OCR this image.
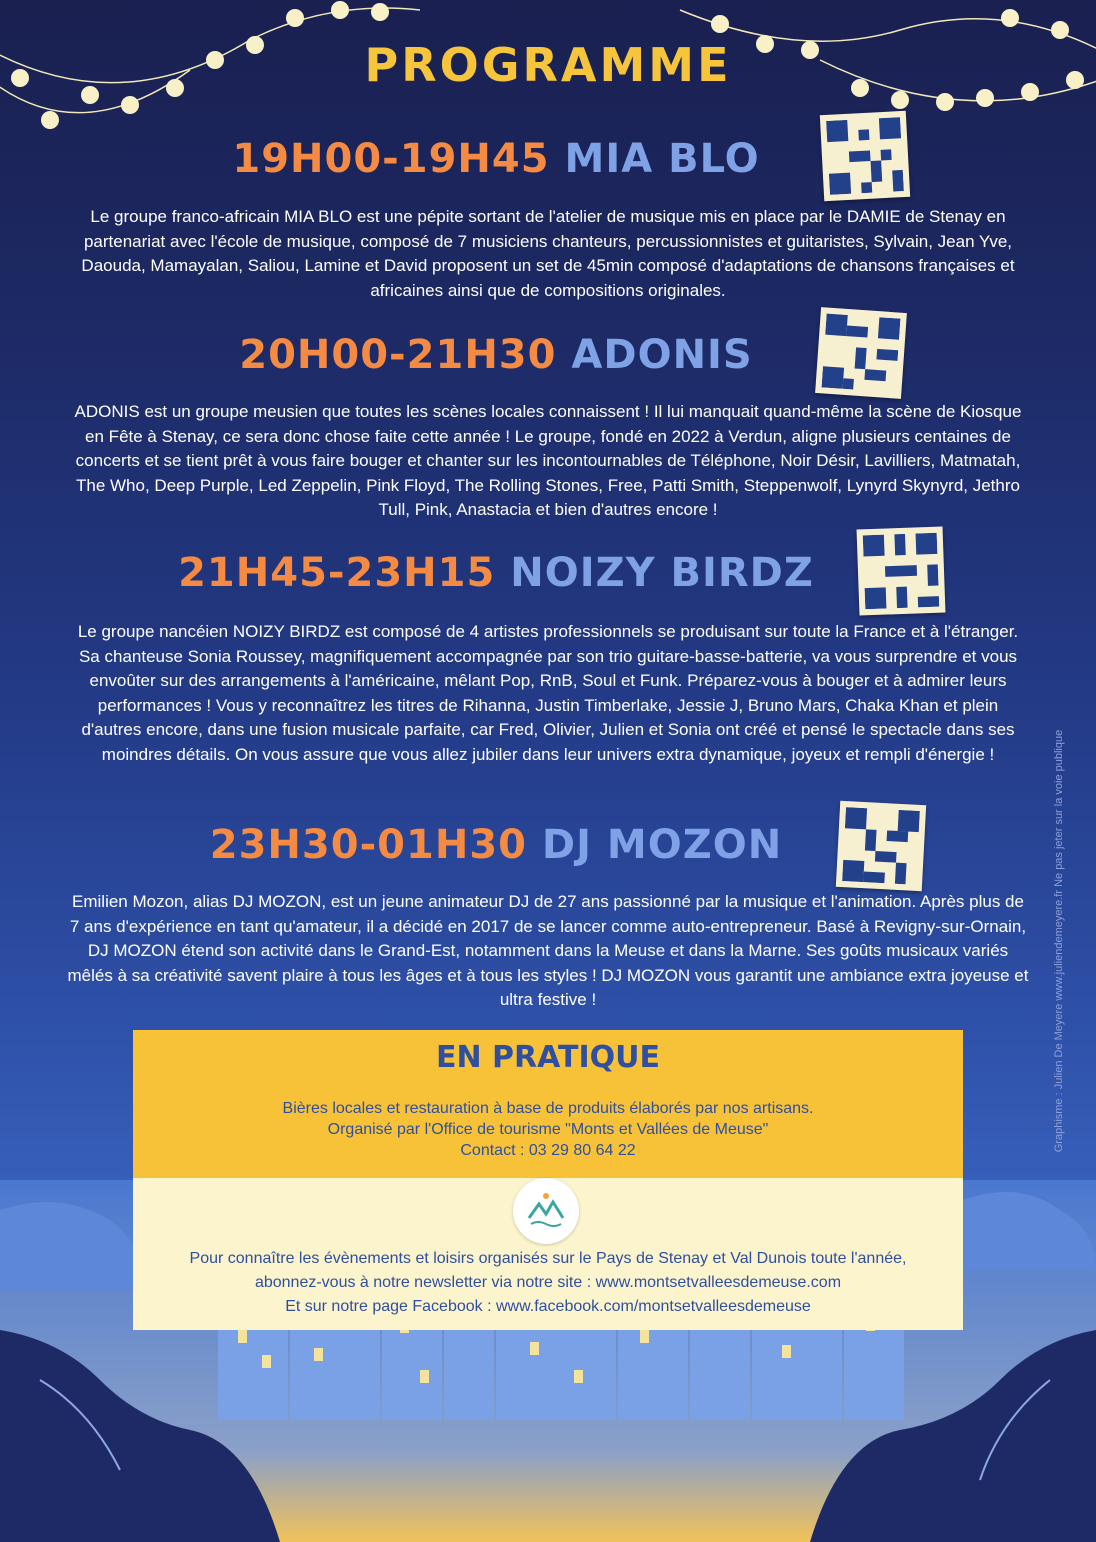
PROGRAMME
19H00-19H45 MIA BLO
Le groupe franco-africain MIA BLO est une pépite sortant de l'atelier de musique mis en place par le DAMIE de Stenay en partenariat avec l'école de musique, composé de 7 musiciens chanteurs, percussionnistes et guitaristes, Sylvain, Jean Yve, Daouda, Mamayalan, Saliou, Lamine et David proposent un set de 45min composé d'adaptations de chansons françaises et africaines ainsi que de compositions originales.
20H00-21H30 ADONIS
ADONIS est un groupe meusien que toutes les scènes locales connaissent ! Il lui manquait quand-même la scène de Kiosque en Fête à Stenay, ce sera donc chose faite cette année ! Le groupe, fondé en 2022 à Verdun, aligne plusieurs centaines de concerts et se tient prêt à vous faire bouger et chanter sur les incontournables de Téléphone, Noir Désir, Lavilliers, Matmatah, The Who, Deep Purple, Led Zeppelin, Pink Floyd, The Rolling Stones, Free, Patti Smith, Steppenwolf, Lynyrd Skynyrd, Jethro Tull, Pink, Anastacia et bien d'autres encore !
21H45-23H15 NOIZY BIRDZ
Le groupe nancéien NOIZY BIRDZ est composé de 4 artistes professionnels se produisant sur toute la France et à l'étranger. Sa chanteuse Sonia Roussey, magnifiquement accompagnée par son trio guitare-basse-batterie, va vous surprendre et vous envoûter sur des arrangements à l'américaine, mêlant Pop, RnB, Soul et Funk. Préparez-vous à bouger et à admirer leurs performances ! Vous y reconnaîtrez les titres de Rihanna, Justin Timberlake, Jessie J, Bruno Mars, Chaka Khan et plein d'autres encore, dans une fusion musicale parfaite, car Fred, Olivier, Julien et Sonia ont créé et pensé le spectacle dans ses moindres détails. On vous assure que vous allez jubiler dans leur univers extra dynamique, joyeux et rempli d'énergie !
23H30-01H30 DJ MOZON
Emilien Mozon, alias DJ MOZON, est un jeune animateur DJ de 27 ans passionné par la musique et l'animation. Après plus de 7 ans d'expérience en tant qu'amateur, il a décidé en 2017 de se lancer comme auto-entrepreneur. Basé à Revigny-sur-Ornain, DJ MOZON étend son activité dans le Grand-Est, notamment dans la Meuse et dans la Marne. Ses goûts musicaux variés mêlés à sa créativité savent plaire à tous les âges et à tous les styles ! DJ MOZON vous garantit une ambiance extra joyeuse et ultra festive !
EN PRATIQUE
Bières locales et restauration à base de produits élaborés par nos artisans.
Organisé par l'Office de tourisme "Monts et Vallées de Meuse"
Contact : 03 29 80 64 22
Pour connaître les évènements et loisirs organisés sur le Pays de Stenay et Val Dunois toute l'année,
abonnez-vous à notre newsletter via notre site : www.montsetvalleesdemeuse.com
Et sur notre page Facebook : www.facebook.com/montsetvalleesdemeuse
Graphisme : Julien De Meyere www.juliendemeyere.fr Ne pas jeter sur la voie publique
